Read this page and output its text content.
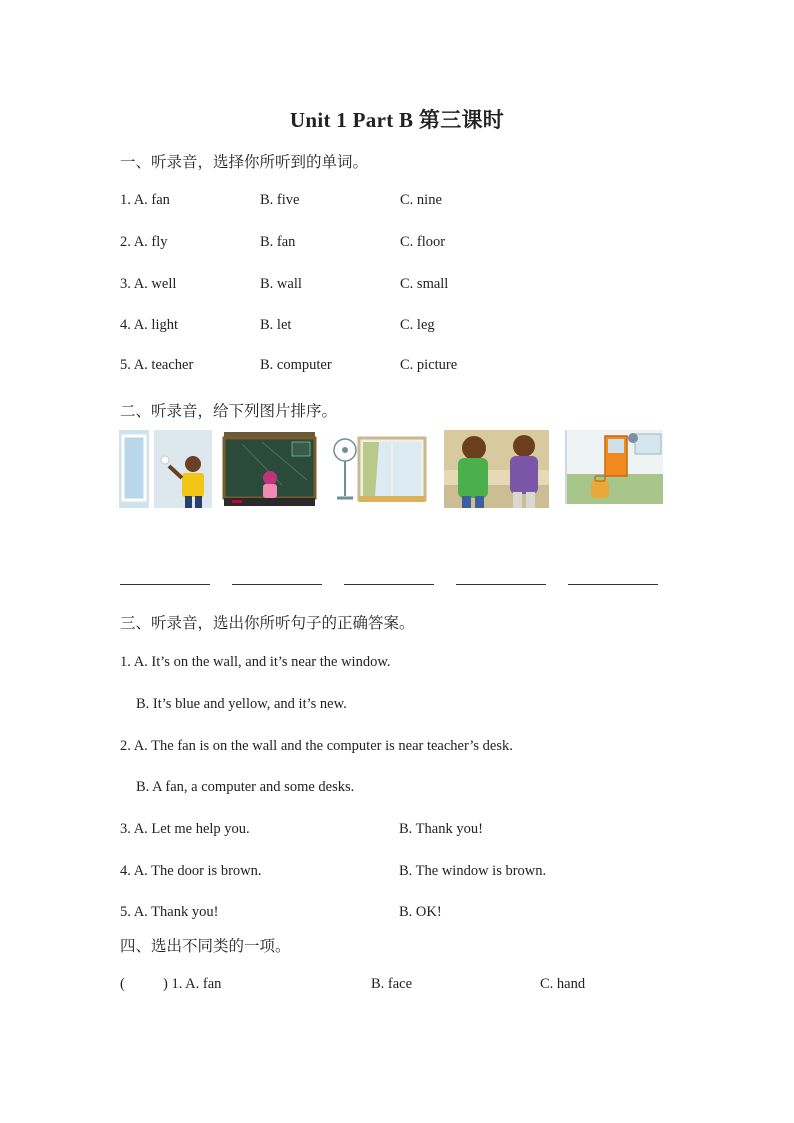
Unit 1 Part B 第三课时
一、听录音，选择你所听到的单词。
1. A. fan	B. five	C. nine
2. A. fly	B. fan	C. floor
3. A. well	B. wall	C. small
4. A. light	B. let	C. leg
5. A. teacher	B. computer	C. picture
二、听录音，给下列图片排序。
三、听录音，选出你所听句子的正确答案。
1. A. It’s on the wall, and it’s near the window.
B. It’s blue and yellow, and it’s new.
2. A. The fan is on the wall and the computer is near teacher’s desk.
B. A fan, a computer and some desks.
3. A. Let me help you.	B. Thank you!
4. A. The door is brown.	B. The window is brown.
5. A. Thank you!	B. OK!
四、选出不同类的一项。
(	) 1. A. fan	B. face	C. hand
